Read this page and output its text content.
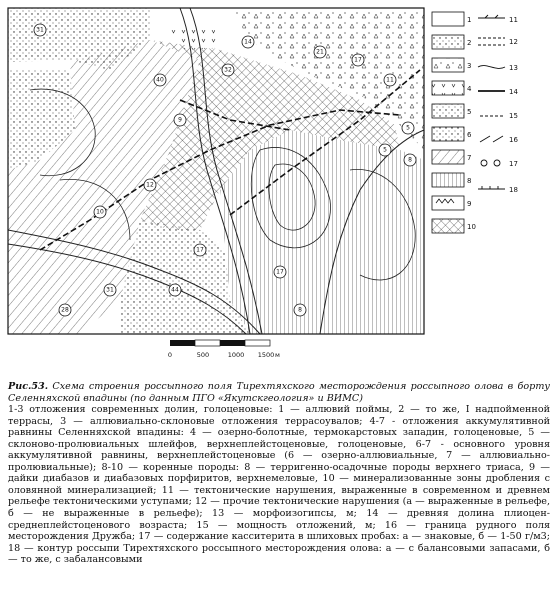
21
14
32
17
10
5
8
40
9
11
31
28
12
17
44
31
5
17
8
1
2
3
4
5
6
7
8
9
10
11
12
13
14
15
16
17
18
0	500	1000 1500 м

Рис.53. Схема строения россыпного поля Тирехтяхского месторождения россыпного олова в борту Селенняхской впадины (по данным ПГО «Якутскгеология» и ВИМС)

1-3 отложения современных долин, голоценовые: 1 — аллювий поймы, 2 — то же, I надпойменной террасы, 3 — аллювиально-склоновые отложения террасоувалов; 4-7 - отложения аккумулятивной равнины Селенняхской впадины: 4 — озерно-болотные, термокарстовых западин, голоценовые, 5 — склоново-пролювиальных шлейфов, верхнеплейстоценовые, голоценовые, 6-7 - основного уровня аккумулятивной равнины, верхнеплейстоценовые (6 — озерно-аллювиальные, 7 — аллювиально-пролювиальные); 8-10 — коренные породы: 8 — терригенно-осадочные породы верхнего триаса, 9 — дайки диабазов и диабазовых порфиритов, верхнемеловые, 10 — минерализованные зоны дробления с оловянной минерализацией; 11 — тектонические нарушения, выраженные в современном и древнем рельефе тектоническими уступами; 12 — прочие тектонические нарушения (а — выраженные в рельефе, б — не выраженные в рельефе); 13 — морфоизогипсы, м; 14 — древняя долина плиоцен-среднеплейстоценового возраста; 15 — мощность отложений, м; 16 — граница рудного поля месторождения Дружба; 17 — содержание касситерита в шлиховых пробах: а — знаковые, б — 1-50 г/м3; 18 — контур россыпи Тирехтяхского россыпного месторождения олова: а — с балансовыми запасами, б — то же, с забалансовыми
